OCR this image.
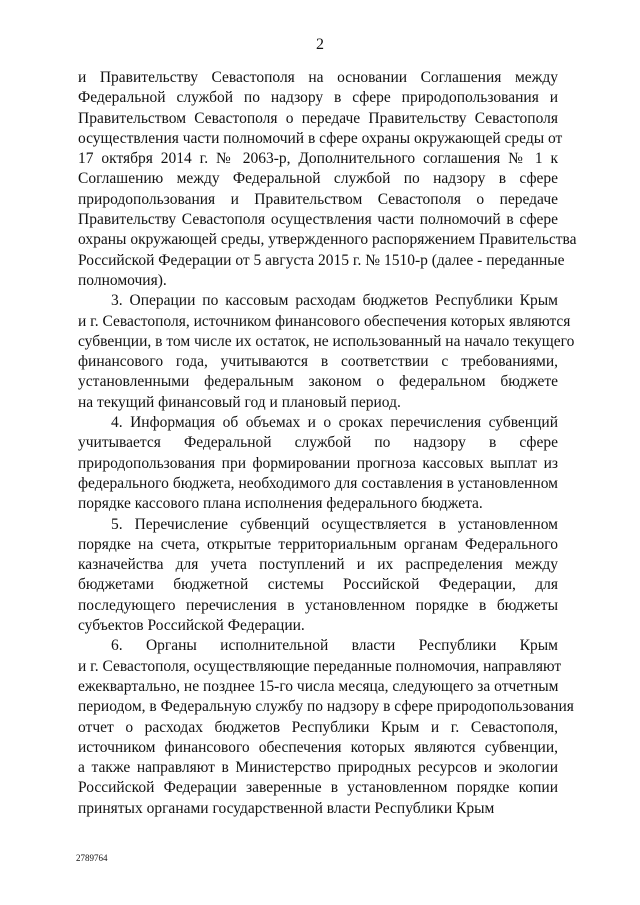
2
и Правительству Севастополя на основании Соглашения между
Федеральной службой по надзору в сфере природопользования и
Правительством Севастополя о передаче Правительству Севастополя
осуществления части полномочий в сфере охраны окружающей среды от
17 октября 2014 г. № 2063-р, Дополнительного соглашения № 1 к
Соглашению между Федеральной службой по надзору в сфере
природопользования и Правительством Севастополя о передаче
Правительству Севастополя осуществления части полномочий в сфере
охраны окружающей среды, утвержденного распоряжением Правительства
Российской Федерации от 5 августа 2015 г. № 1510-р (далее - переданные
полномочия).
3. Операции по кассовым расходам бюджетов Республики Крым
и г. Севастополя, источником финансового обеспечения которых являются
субвенции, в том числе их остаток, не использованный на начало текущего
финансового года, учитываются в соответствии с требованиями,
установленными федеральным законом о федеральном бюджете
на текущий финансовый год и плановый период.
4. Информация об объемах и о сроках перечисления субвенций
учитывается Федеральной службой по надзору в сфере
природопользования при формировании прогноза кассовых выплат из
федерального бюджета, необходимого для составления в установленном
порядке кассового плана исполнения федерального бюджета.
5. Перечисление субвенций осуществляется в установленном
порядке на счета, открытые территориальным органам Федерального
казначейства для учета поступлений и их распределения между
бюджетами бюджетной системы Российской Федерации, для
последующего перечисления в установленном порядке в бюджеты
субъектов Российской Федерации.
6. Органы исполнительной власти Республики Крым
и г. Севастополя, осуществляющие переданные полномочия, направляют
ежеквартально, не позднее 15-го числа месяца, следующего за отчетным
периодом, в Федеральную службу по надзору в сфере природопользования
отчет о расходах бюджетов Республики Крым и г. Севастополя,
источником финансового обеспечения которых являются субвенции,
а также направляют в Министерство природных ресурсов и экологии
Российской Федерации заверенные в установленном порядке копии
принятых органами государственной власти Республики Крым
2789764
